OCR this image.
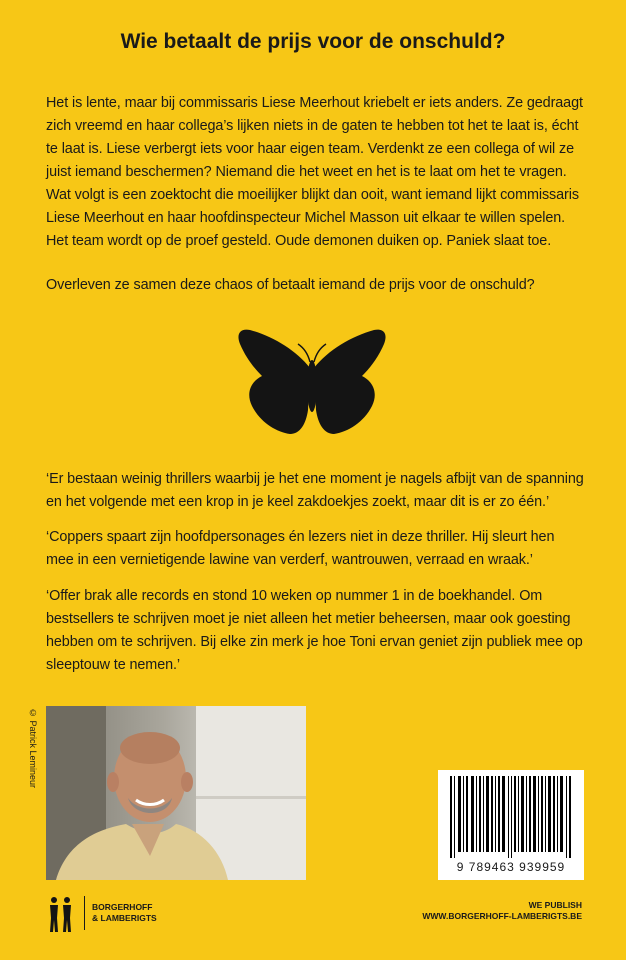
Wie betaalt de prijs voor de onschuld?

Het is lente, maar bij commissaris Liese Meerhout kriebelt er iets anders. Ze gedraagt zich vreemd en haar collega’s lijken niets in de gaten te hebben tot het te laat is, écht te laat is. Liese verbergt iets voor haar eigen team. Verdenkt ze een collega of wil ze juist iemand beschermen? Niemand die het weet en het is te laat om het te vragen.

Wat volgt is een zoektocht die moeilijker blijkt dan ooit, want iemand lijkt commissaris Liese Meerhout en haar hoofdinspecteur Michel Masson uit elkaar te willen spelen. Het team wordt op de proef gesteld. Oude demonen duiken op. Paniek slaat toe.

Overleven ze samen deze chaos of betaalt iemand de prijs voor de onschuld?

‘Er bestaan weinig thrillers waarbij je het ene moment je nagels afbijt van de spanning en het volgende met een krop in je keel zakdoekjes zoekt, maar dit is er zo één.’

‘Coppers spaart zijn hoofdpersonages én lezers niet in deze thriller. Hij sleurt hen mee in een vernietigende lawine van verderf, wantrouwen, verraad en wraak.’

‘Offer brak alle records en stond 10 weken op nummer 1 in de boekhandel. Om bestsellers te schrijven moet je niet alleen het metier beheersen, maar ook goesting hebben om te schrijven. Bij elke zin merk je hoe Toni ervan geniet zijn publiek mee op sleeptouw te nemen.’

© Patrick Lemineur
9 789463 939959
BORGERHOFF
& LAMBERIGTS
WE PUBLISH
WWW.BORGERHOFF-LAMBERIGTS.BE
